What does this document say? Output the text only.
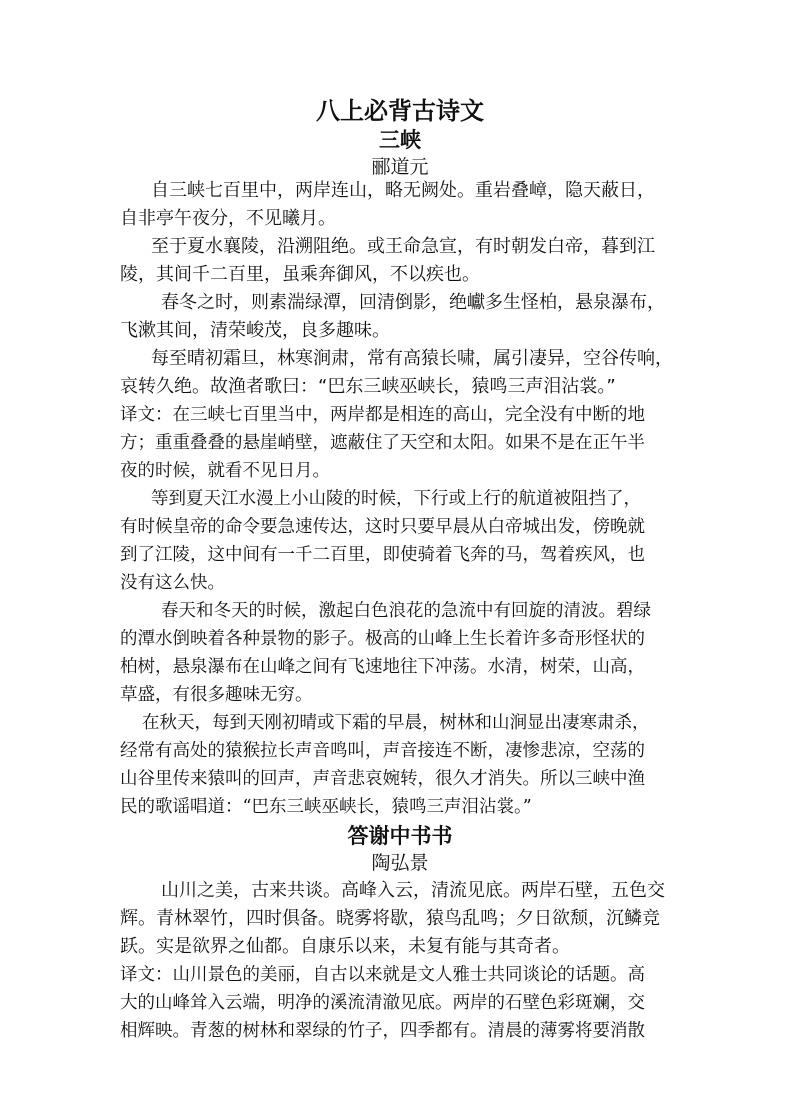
八上必背古诗文
三峡
郦道元
自三峡七百里中，两岸连山，略无阙处。重岩叠嶂，隐天蔽日，
自非亭午夜分，不见曦月。
至于夏水襄陵，沿溯阻绝。或王命急宣，有时朝发白帝，暮到江
陵，其间千二百里，虽乘奔御风，不以疾也。
春冬之时，则素湍绿潭，回清倒影，绝巘多生怪柏，悬泉瀑布，
飞漱其间，清荣峻茂，良多趣味。
每至晴初霜旦，林寒涧肃，常有高猿长啸，属引凄异，空谷传响，
哀转久绝。故渔者歌曰：“巴东三峡巫峡长，猿鸣三声泪沾裳。”
译文：在三峡七百里当中，两岸都是相连的高山，完全没有中断的地
方；重重叠叠的悬崖峭壁，遮蔽住了天空和太阳。如果不是在正午半
夜的时候，就看不见日月。
等到夏天江水漫上小山陵的时候，下行或上行的航道被阻挡了，
有时候皇帝的命令要急速传达，这时只要早晨从白帝城出发，傍晚就
到了江陵，这中间有一千二百里，即使骑着飞奔的马，驾着疾风，也
没有这么快。
春天和冬天的时候，激起白色浪花的急流中有回旋的清波。碧绿
的潭水倒映着各种景物的影子。极高的山峰上生长着许多奇形怪状的
柏树，悬泉瀑布在山峰之间有飞速地往下冲荡。水清，树荣，山高，
草盛，有很多趣味无穷。
在秋天，每到天刚初晴或下霜的早晨，树林和山涧显出凄寒肃杀，
经常有高处的猿猴拉长声音鸣叫，声音接连不断，凄惨悲凉，空荡的
山谷里传来猿叫的回声，声音悲哀婉转，很久才消失。所以三峡中渔
民的歌谣唱道：“巴东三峡巫峡长，猿鸣三声泪沾裳。”
答谢中书书
陶弘景
山川之美，古来共谈。高峰入云，清流见底。两岸石壁，五色交
辉。青林翠竹，四时俱备。晓雾将歇，猿鸟乱鸣；夕日欲颓，沉鳞竞
跃。实是欲界之仙都。自康乐以来，未复有能与其奇者。
译文：山川景色的美丽，自古以来就是文人雅士共同谈论的话题。高
大的山峰耸入云端，明净的溪流清澈见底。两岸的石壁色彩斑斓，交
相辉映。青葱的树林和翠绿的竹子，四季都有。清晨的薄雾将要消散
